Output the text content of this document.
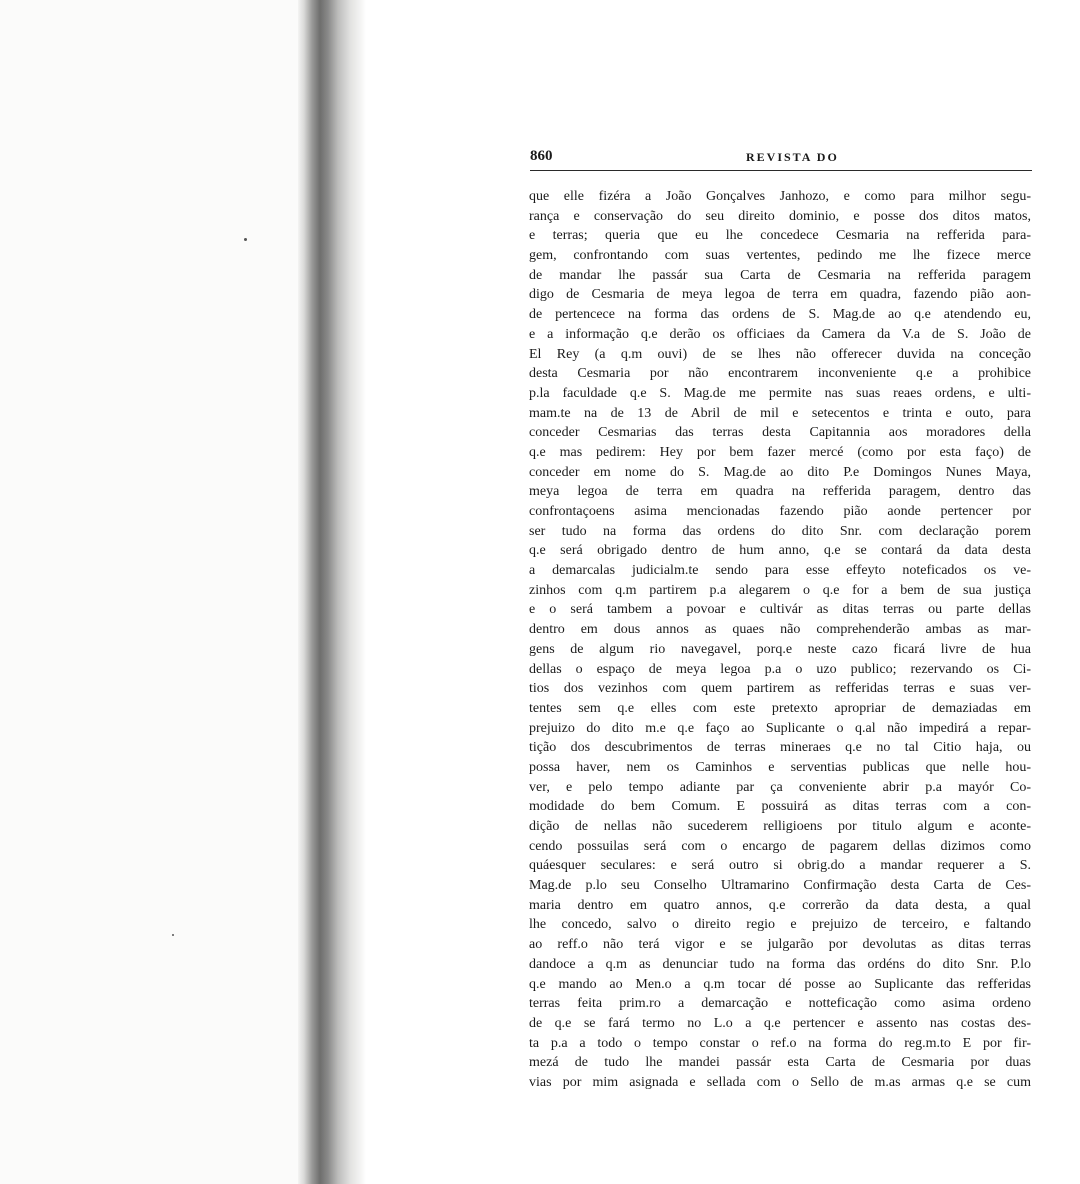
860	REVISTA DO
que elle fizéra a João Gonçalves Janhozo, e como para milhor segu-
rança e conservação do seu direito dominio, e posse dos ditos matos,
e terras; queria que eu lhe concedece Cesmaria na refferida para-
gem, confrontando com suas vertentes, pedindo me lhe fizece merce
de mandar lhe passár sua Carta de Cesmaria na refferida paragem
digo de Cesmaria de meya legoa de terra em quadra, fazendo pião aon-
de pertencece na forma das ordens de S. Mag.de ao q.e atendendo eu,
e a informação q.e derão os officiaes da Camera da V.a de S. João de
El Rey (a q.m ouvi) de se lhes não offerecer duvida na conceção
desta Cesmaria por não encontrarem inconveniente q.e a prohibice
p.la faculdade q.e S. Mag.de me permite nas suas reaes ordens, e ulti-
mam.te na de 13 de Abril de mil e setecentos e trinta e outo, para
conceder Cesmarias das terras desta Capitannia aos moradores della
q.e mas pedirem: Hey por bem fazer mercé (como por esta faço) de
conceder em nome do S. Mag.de ao dito P.e Domingos Nunes Maya,
meya legoa de terra em quadra na refferida paragem, dentro das
confrontaçoens asima mencionadas fazendo pião aonde pertencer por
ser tudo na forma das ordens do dito Snr. com declaração porem
q.e será obrigado dentro de hum anno, q.e se contará da data desta
a demarcalas judicialm.te sendo para esse effeyto noteficados os ve-
zinhos com q.m partirem p.a alegarem o q.e for a bem de sua justiça
e o será tambem a povoar e cultivár as ditas terras ou parte dellas
dentro em dous annos as quaes não comprehenderão ambas as mar-
gens de algum rio navegavel, porq.e neste cazo ficará livre de hua
dellas o espaço de meya legoa p.a o uzo publico; rezervando os Ci-
tios dos vezinhos com quem partirem as refferidas terras e suas ver-
tentes sem q.e elles com este pretexto apropriar de demaziadas em
prejuizo do dito m.e q.e faço ao Suplicante o q.al não impedirá a repar-
tição dos descubrimentos de terras mineraes q.e no tal Citio haja, ou
possa haver, nem os Caminhos e serventias publicas que nelle hou-
ver, e pelo tempo adiante par ça conveniente abrir p.a mayór Co-
modidade do bem Comum. E possuirá as ditas terras com a con-
dição de nellas não sucederem relligioens por titulo algum e aconte-
cendo possuilas será com o encargo de pagarem dellas dizimos como
quáesquer seculares: e será outro si obrig.do a mandar requerer a S.
Mag.de p.lo seu Conselho Ultramarino Confirmação desta Carta de Ces-
maria dentro em quatro annos, q.e correrão da data desta, a qual
lhe concedo, salvo o direito regio e prejuizo de terceiro, e faltando
ao reff.o não terá vigor e se julgarão por devolutas as ditas terras
dandoce a q.m as denunciar tudo na forma das ordéns do dito Snr. P.lo
q.e mando ao Men.o a q.m tocar dé posse ao Suplicante das refferidas
terras feita prim.ro a demarcação e notteficação como asima ordeno
de q.e se fará termo no L.o a q.e pertencer e assento nas costas des-
ta p.a a todo o tempo constar o ref.o na forma do reg.m.to E por fir-
mezá de tudo lhe mandei passár esta Carta de Cesmaria por duas
vias por mim asignada e sellada com o Sello de m.as armas q.e se cum
